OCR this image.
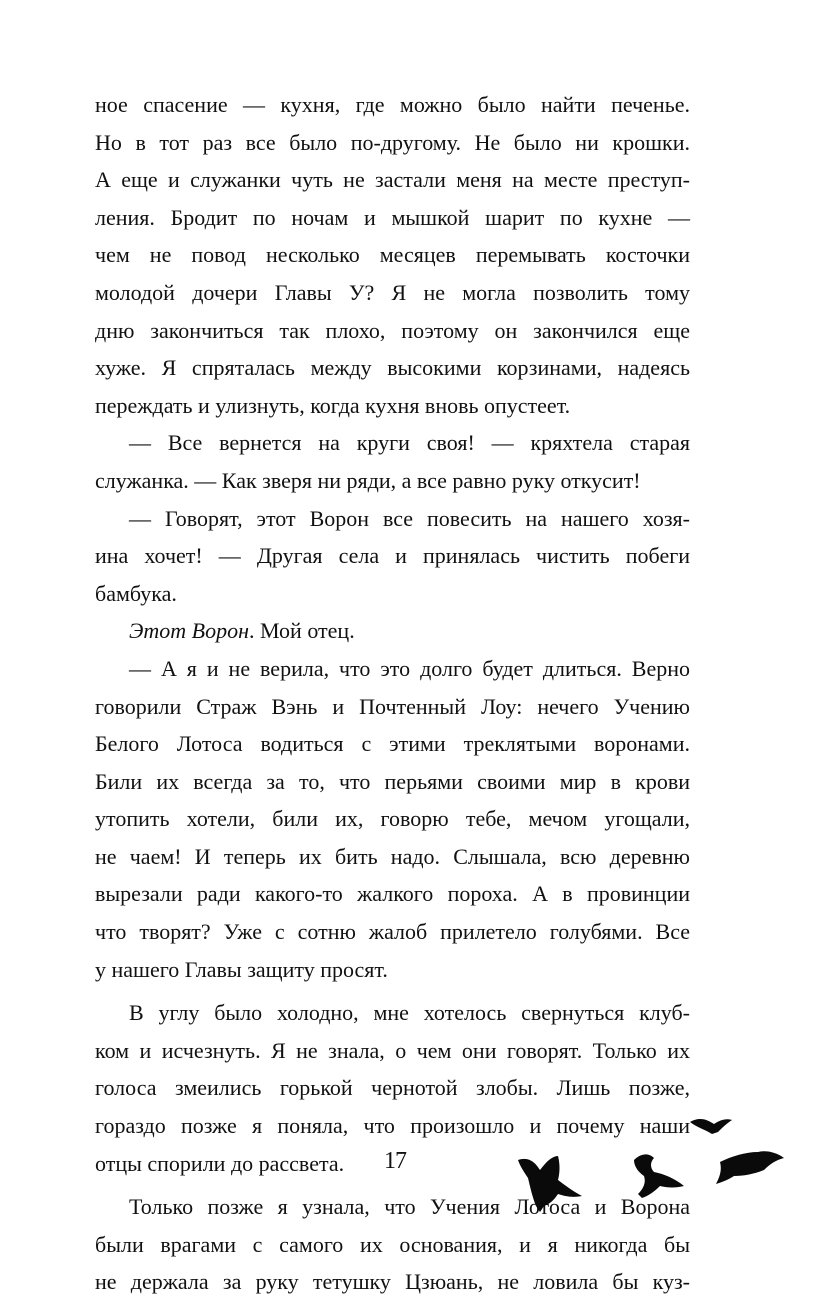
ное спасение — кухня, где можно было найти печенье.
Но в тот раз все было по-другому. Не было ни крошки.
А еще и служанки чуть не застали меня на месте преступ-
ления. Бродит по ночам и мышкой шарит по кухне —
чем не повод несколько месяцев перемывать косточки
молодой дочери Главы У? Я не могла позволить тому
дню закончиться так плохо, поэтому он закончился еще
хуже. Я спряталась между высокими корзинами, надеясь
переждать и улизнуть, когда кухня вновь опустеет.
— Все вернется на круги своя! — кряхтела старая
служанка. — Как зверя ни ряди, а все равно руку откусит!
— Говорят, этот Ворон все повесить на нашего хозя-
ина хочет! — Другая села и принялась чистить побеги
бамбука.
Этот Ворон. Мой отец.
— А я и не верила, что это долго будет длиться. Верно
говорили Страж Вэнь и Почтенный Лоу: нечего Учению
Белого Лотоса водиться с этими треклятыми воронами.
Били их всегда за то, что перьями своими мир в крови
утопить хотели, били их, говорю тебе, мечом угощали,
не чаем! И теперь их бить надо. Слышала, всю деревню
вырезали ради какого-то жалкого пороха. А в провинции
что творят? Уже с сотню жалоб прилетело голубями. Все
у нашего Главы защиту просят.
В углу было холодно, мне хотелось свернуться клуб-
ком и исчезнуть. Я не знала, о чем они говорят. Только их
голоса змеились горькой чернотой злобы. Лишь позже,
гораздо позже я поняла, что произошло и почему наши
отцы спорили до рассвета.
Только позже я узнала, что Учения Лотоса и Ворона
были врагами с самого их основания, и я никогда бы
не держала за руку тетушку Цзюань, не ловила бы куз-
17
